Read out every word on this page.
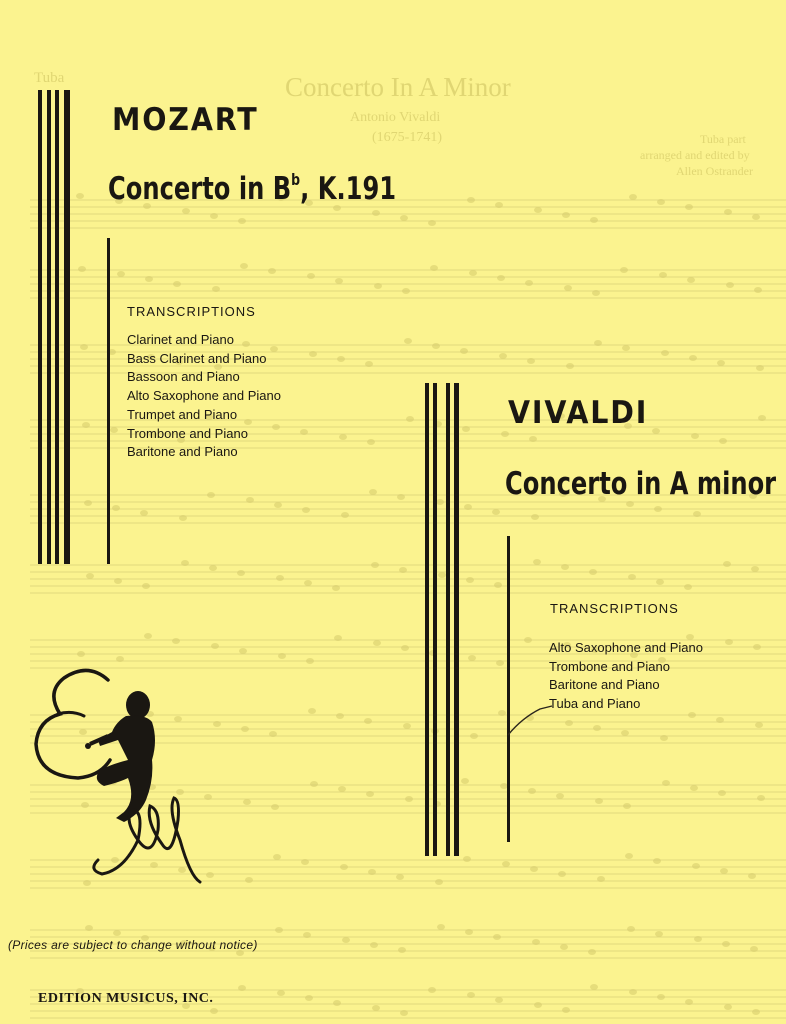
Tuba	Concerto In A Minor
Antonio Vivaldi
(1675-1741)	Tuba part
arranged and edited by
Allen Ostrander
MOZART
Concerto in $B^b$, K.191
TRANSCRIPTIONS
Clarinet and Piano
Bass Clarinet and Piano
Bassoon and Piano
Alto Saxophone and Piano
Trumpet and Piano
Trombone and Piano
Baritone and Piano
VIVALDI
Concerto in A minor
TRANSCRIPTIONS
Alto Saxophone and Piano
Trombone and Piano
Baritone and Piano
Tuba and Piano
(Prices are subject to change without notice)
EDITION MUSICUS, INC.
